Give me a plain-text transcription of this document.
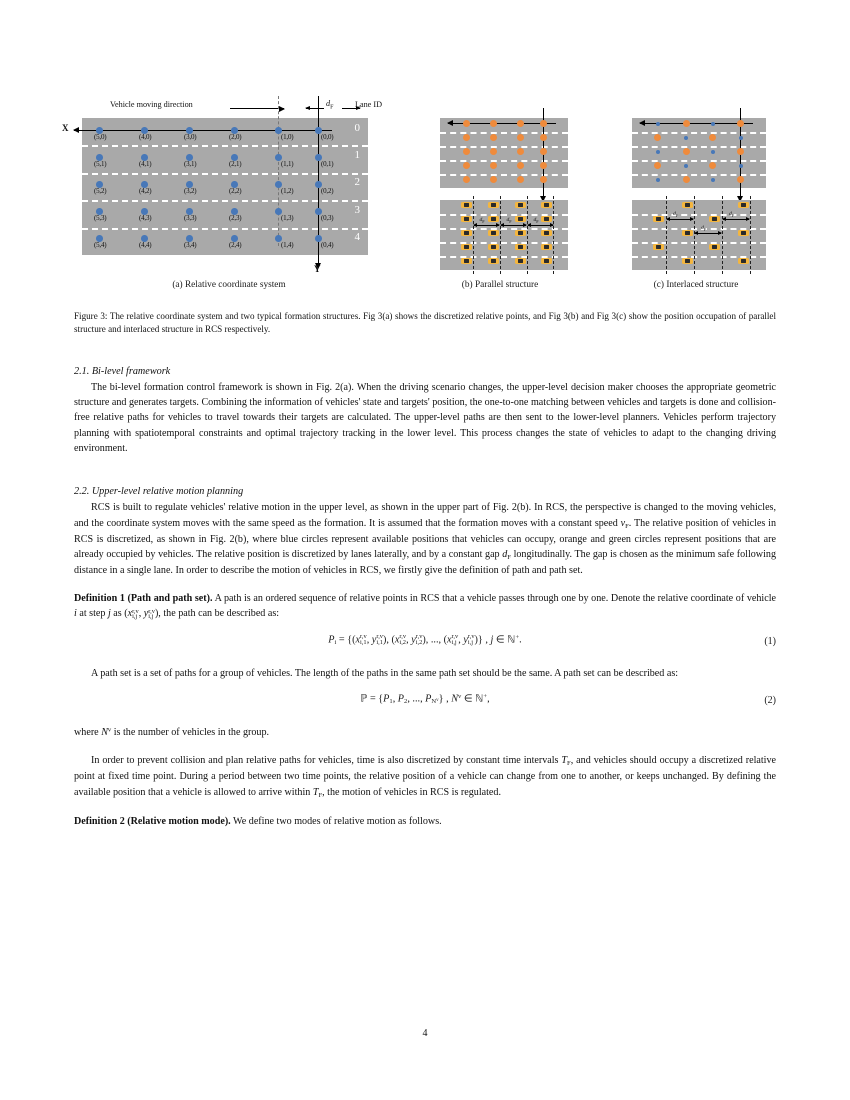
Vehicle moving direction	$d_F$	Lane ID
0
1
2
3
4
(5,0)	(4,0)	(3,0)	(2,0)	(1,0)	(0,0)
(5,1)	(4,1)	(3,1)	(2,1)	(1,1)	(0,1)
(5,2)	(4,2)	(3,2)	(2,2)	(1,2)	(0,2)
(5,3)	(4,3)	(3,3)	(2,3)	(1,3)	(0,3)
(5,4)	(4,4)	(3,4)	(2,4)	(1,4)	(0,4)
X
Y
$d_F$	$d_F$	$d_F$
$d_F$	$d_F$
$d_F$
(a) Relative coordinate system	(b) Parallel structure	(c) Interlaced structure
Figure 3: The relative coordinate system and two typical formation structures. Fig 3(a) shows the discretized relative points, and Fig 3(b) and Fig 3(c) show the position occupation of parallel structure and interlaced structure in RCS respectively.
2.1. Bi-level framework

The bi-level formation control framework is shown in Fig. 2(a). When the driving scenario changes, the upper-level decision maker chooses the appropriate geometric structure and generates targets. Combining the information of vehicles' state and targets' position, the one-to-one matching between vehicles and targets is done and collision-free relative paths for vehicles to travel towards their targets are calculated. The upper-level paths are then sent to the lower-level planners. Vehicles perform trajectory planning with spatiotemporal constraints and optimal trajectory tracking in the lower level. This process changes the state of vehicles to adapt to the changing driving environment.

2.2. Upper-level relative motion planning

RCS is built to regulate vehicles' relative motion in the upper level, as shown in the upper part of Fig. 2(b). In RCS, the perspective is changed to the moving vehicles, and the coordinate system moves with the same speed as the formation. It is assumed that the formation moves with a constant speed $v_F$. The relative position of vehicles in RCS is discretized, as shown in Fig. 2(b), where blue circles represent available positions that vehicles can occupy, orange and green circles represent positions that are already occupied by vehicles. The relative position is discretized by lanes laterally, and by a constant gap $d_F$ longitudinally. The gap is chosen as the minimum safe following distance in a single lane. In order to describe the motion of vehicles in RCS, we firstly give the definition of path and path set.

Definition 1 (Path and path set). A path is an ordered sequence of relative points in RCS that a vehicle passes through one by one. Denote the relative coordinate of vehicle i at step j as (x r,v
i,j , y r,v
i,j ), the path can be described as:
$P_i = \{(x$ r,v
i,1 , y r,v
i,1 ), (x r,v
i,2 , y r,v
i,2 ), ..., (x r,v
i,j , y r,v
i,j )} , j ∈ ℕ+.	(1)

A path set is a set of paths for a group of vehicles. The length of the paths in the same path set should be the same. A path set can be described as:

ℙ = {$P_1$, $P_2$, ..., $P_{N^v}$} , $N^v$ ∈ ℕ+,	(2)

where $N^v$ is the number of vehicles in the group.

In order to prevent collision and plan relative paths for vehicles, time is also discretized by constant time intervals $T_F$, and vehicles should occupy a discretized relative point at fixed time point. During a period between two time points, the relative position of a vehicle can change from one to another, or keeps unchanged. By defining the available position that a vehicle is allowed to arrive within $T_F$, the motion of vehicles in RCS is regulated.

Definition 2 (Relative motion mode). We define two modes of relative motion as follows.
4
